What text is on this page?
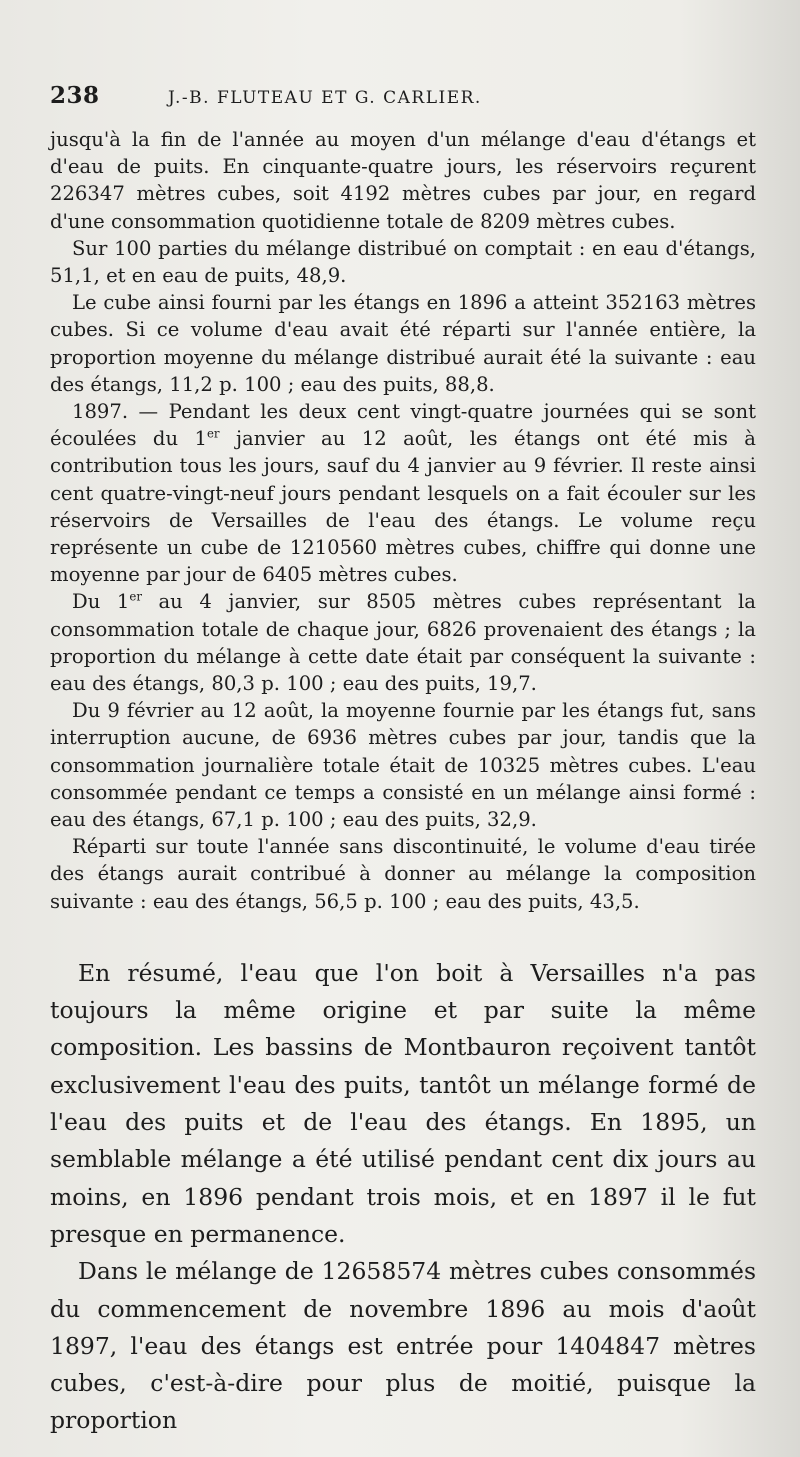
238	J.-B. FLUTEAU ET G. CARLIER.

jusqu'à la fin de l'année au moyen d'un mélange d'eau d'étangs et d'eau de puits. En cinquante-quatre jours, les réservoirs reçurent 226347 mètres cubes, soit 4192 mètres cubes par jour, en regard d'une consommation quotidienne totale de 8209 mètres cubes.

Sur 100 parties du mélange distribué on comptait : en eau d'étangs, 51,1, et en eau de puits, 48,9.

Le cube ainsi fourni par les étangs en 1896 a atteint 352163 mètres cubes. Si ce volume d'eau avait été réparti sur l'année entière, la proportion moyenne du mélange distribué aurait été la suivante : eau des étangs, 11,2 p. 100 ; eau des puits, 88,8.

1897. — Pendant les deux cent vingt-quatre journées qui se sont écoulées du 1er janvier au 12 août, les étangs ont été mis à contribution tous les jours, sauf du 4 janvier au 9 février. Il reste ainsi cent quatre-vingt-neuf jours pendant lesquels on a fait écouler sur les réservoirs de Versailles de l'eau des étangs. Le volume reçu représente un cube de 1210560 mètres cubes, chiffre qui donne une moyenne par jour de 6405 mètres cubes.

Du 1er au 4 janvier, sur 8505 mètres cubes représentant la consommation totale de chaque jour, 6826 provenaient des étangs ; la proportion du mélange à cette date était par conséquent la suivante : eau des étangs, 80,3 p. 100 ; eau des puits, 19,7.

Du 9 février au 12 août, la moyenne fournie par les étangs fut, sans interruption aucune, de 6936 mètres cubes par jour, tandis que la consommation journalière totale était de 10325 mètres cubes. L'eau consommée pendant ce temps a consisté en un mélange ainsi formé : eau des étangs, 67,1 p. 100 ; eau des puits, 32,9.

Réparti sur toute l'année sans discontinuité, le volume d'eau tirée des étangs aurait contribué à donner au mélange la composition suivante : eau des étangs, 56,5 p. 100 ; eau des puits, 43,5.

En résumé, l'eau que l'on boit à Versailles n'a pas toujours la même origine et par suite la même composition. Les bassins de Montbauron reçoivent tantôt exclusivement l'eau des puits, tantôt un mélange formé de l'eau des puits et de l'eau des étangs. En 1895, un semblable mélange a été utilisé pendant cent dix jours au moins, en 1896 pendant trois mois, et en 1897 il le fut presque en permanence.

Dans le mélange de 12658574 mètres cubes consommés du commencement de novembre 1896 au mois d'août 1897, l'eau des étangs est entrée pour 1404847 mètres cubes, c'est-à-dire pour plus de moitié, puisque la proportion
